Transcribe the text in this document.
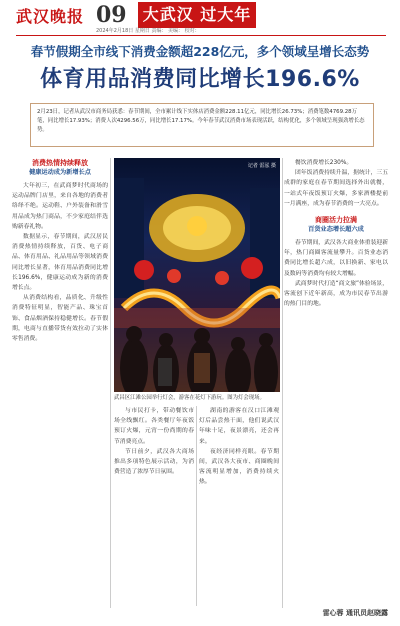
武汉晚报 09 大武汉 过大年
2024年2月18日 星期日 责编： 美编： 校对：
春节假期全市线下消费金额超228亿元，多个领域呈增长态势
体育用品消费同比增长196.6%
2月23日，记者从武汉市商务局获悉：春节期间，全市累计线下实体店消费金额228.11亿元，同比增长26.73%；消费笔数4769.28万笔，同比增长17.93%；消费人次4296.56万，同比增长17.17%。今年春节武汉消费市场表现活跃，结构优化，多个领域呈现强劲增长态势。
消费热情持续释放
健康运动成为新增长点

大年初三，在武商梦时代商场的运动品牌门店里，来自各地的消费者络绎不绝。运动鞋、户外装备和滑雪用品成为热门商品，不少家庭结伴选购新春礼物。

数据显示，春节期间，武汉居民消费热情持续释放，百货、电子商品、体育用品、礼品用品等领域消费同比增长显著，体育用品消费同比增长196.6%，健康运动成为新的消费增长点。

从消费结构看，品质化、升级性消费特征明显，智能产品、珠宝首饰、食品烟酒保持稳健增长。春节假期，电商与直播带货有效拉动了实体零售消费。

记者 雷泓 摄
武昌区江滩公园举行灯会，游客在花灯下游玩。图为灯会现场。

与市民打卡，带动餐饮市场全线飘红。各类餐厅年夜饭预订火爆，元宵一份尚期的春节消费亮点。

节日前夕，武汉各大商场推出多项特色展示活动，为消费营造了浓厚节日氛围。

湖南的游客在汉口江滩观灯后品尝热干面，他们说武汉年味十足，夜景漂亮，还会再来。

夜经济同样亮眼。春节期间，武汉各大夜市、商圈晚间客流明显增加，消费持续火热。

餐饮消费增长230%。

团年饭消费持续升温，据统计，三五成群的家庭在春节期间选择外出就餐，一站式年夜饭预订火爆，多家酒楼提前一月满座，成为春节消费的一大亮点。

商圈活力拉满
百货业态增长超六成

春节期间，武汉各大商业体重装迎新年，热门商圈客流量攀升。百货业态消费同比增长超六成，以旧换新、家电以及数码等消费均有较大增幅。

武商梦时代打造“商文旅”体验场景，客流创下近年新高，成为市民春节出游的热门目的地。

雷心蓉 通讯员赵晓露
